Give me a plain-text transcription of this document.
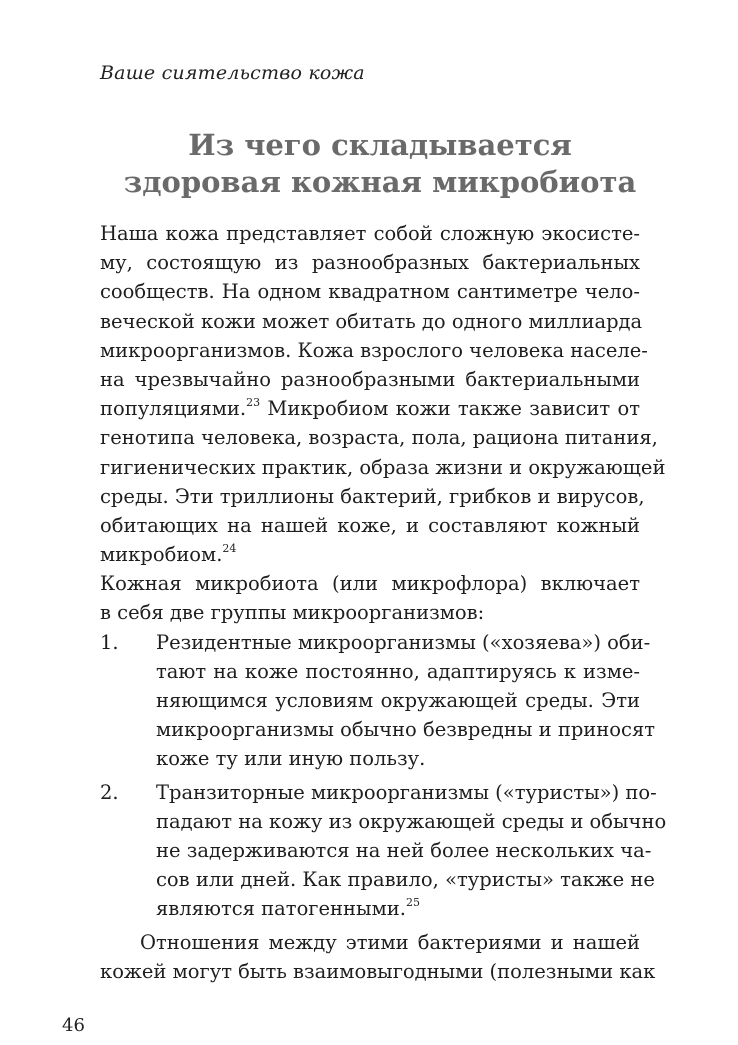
Ваше сиятельство кожа
Из чего складывается
здоровая кожная микробиота
Наша кожа представляет собой сложную экосисте-
му, состоящую из разнообразных бактериальных
сообществ. На одном квадратном сантиметре чело-
веческой кожи может обитать до одного миллиарда
микроорганизмов. Кожа взрослого человека населе-
на чрезвычайно разнообразными бактериальными
популяциями.$^{23}$ Микробиом кожи также зависит от
генотипа человека, возраста, пола, рациона питания,
гигиенических практик, образа жизни и окружающей
среды. Эти триллионы бактерий, грибков и вирусов,
обитающих на нашей коже, и составляют кожный
микробиом.$^{24}$
Кожная микробиота (или микрофлора) включает
в себя две группы микроорганизмов:
1. Резидентные микроорганизмы («хозяева») оби-
тают на коже постоянно, адаптируясь к изме-
няющимся условиям окружающей среды. Эти
микроорганизмы обычно безвредны и приносят
коже ту или иную пользу.
2. Транзиторные микроорганизмы («туристы») по-
падают на кожу из окружающей среды и обычно
не задерживаются на ней более нескольких ча-
сов или дней. Как правило, «туристы» также не
являются патогенными.$^{25}$
Отношения между этими бактериями и нашей
кожей могут быть взаимовыгодными (полезными как
46
